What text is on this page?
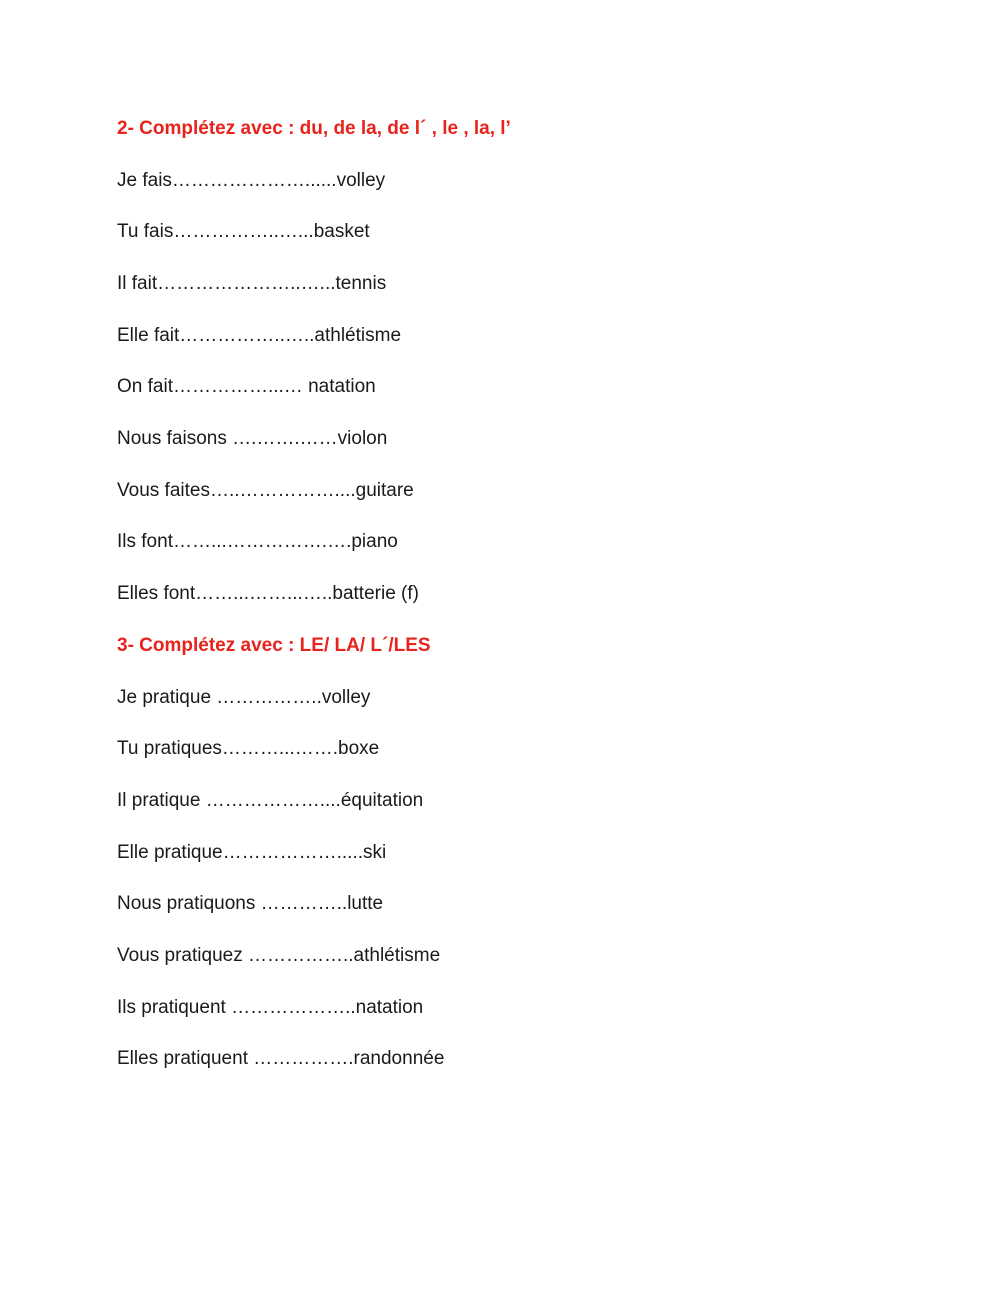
2- Complétez avec : du, de la, de l´ , le , la, l’
Je fais…………………......volley
Tu fais……………..…...basket
Il fait…………………..…...tennis
Elle fait……………..…..athlétisme
On fait……………...… natation
Nous faisons ….…….……violon
Vous faites…..……………....guitare
Ils font……...…………….….piano
Elles font……...……...…..batterie (f)
3- Complétez avec : LE/ LA/ L´/LES
Je pratique ……………..volley
Tu pratiques………...…….boxe
Il pratique ………………....équitation
Elle pratique……………….....ski
Nous pratiquons …………..lutte
Vous pratiquez ……………..athlétisme
Ils pratiquent ………………..natation
Elles pratiquent …………….randonnée
